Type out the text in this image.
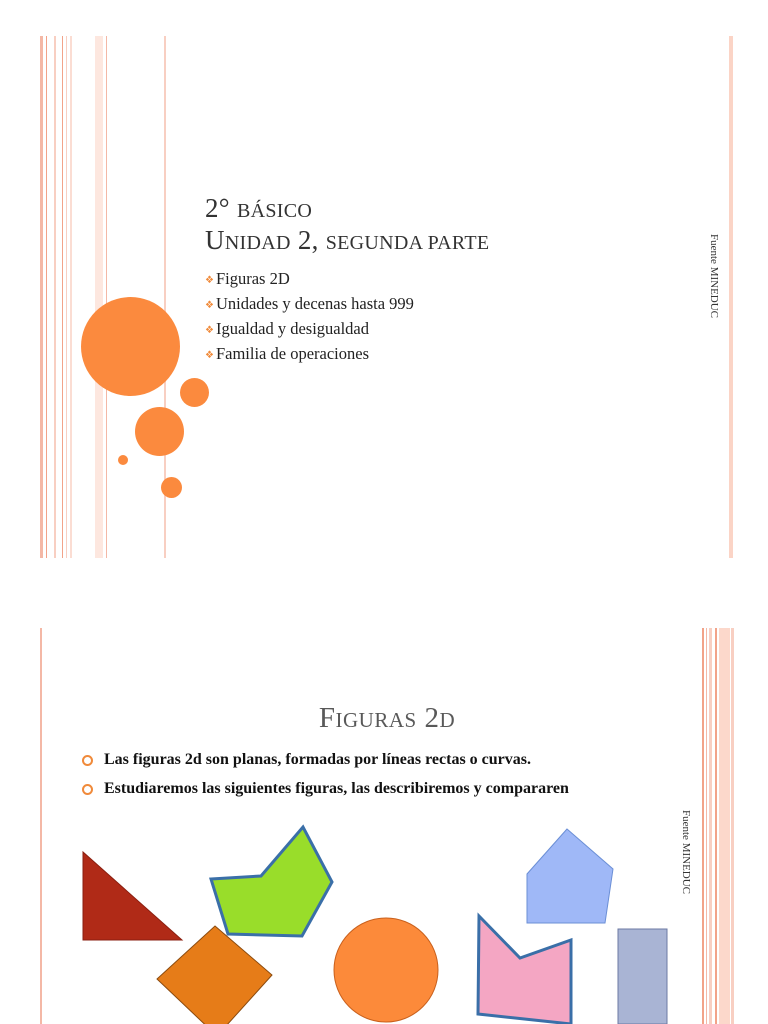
2° BÁSICO
UNIDAD 2, SEGUNDA PARTE
❖ Figuras 2D
❖ Unidades y decenas hasta 999
❖ Igualdad y desigualdad
❖ Familia de operaciones
Fuente MINEDUC
FIGURAS 2D
Las figuras 2d son planas, formadas por líneas rectas o curvas.
Estudiaremos las siguientes figuras, las describiremos y compararen
Fuente MINEDUC
